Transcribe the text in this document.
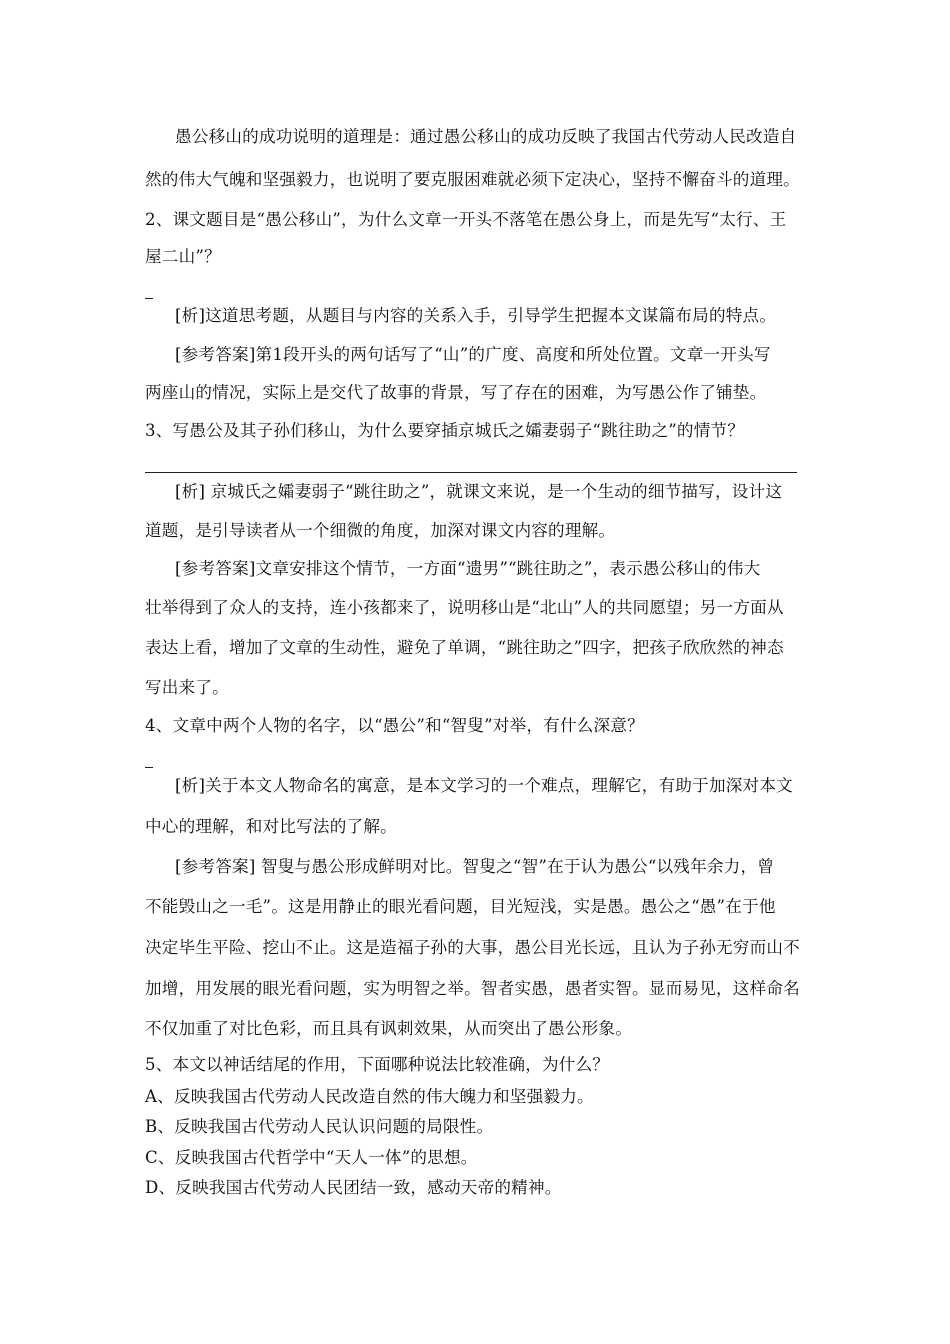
愚公移山的成功说明的道理是：通过愚公移山的成功反映了我国古代劳动人民改造自
然的伟大气魄和坚强毅力，也说明了要克服困难就必须下定决心，坚持不懈奋斗的道理。
2、课文题目是“愚公移山”，为什么文章一开头不落笔在愚公身上，而是先写“太行、王
屋二山”？
[析]这道思考题，从题目与内容的关系入手，引导学生把握本文谋篇布局的特点。
[参考答案]第1段开头的两句话写了“山”的广度、高度和所处位置。文章一开头写
两座山的情况，实际上是交代了故事的背景，写了存在的困难，为写愚公作了铺垫。
3、写愚公及其子孙们移山，为什么要穿插京城氏之孀妻弱子“跳往助之”的情节？
[析] 京城氏之孀妻弱子“跳往助之”，就课文来说，是一个生动的细节描写，设计这
道题，是引导读者从一个细微的角度，加深对课文内容的理解。
[参考答案]文章安排这个情节，一方面“遗男”“跳往助之”，表示愚公移山的伟大
壮举得到了众人的支持，连小孩都来了，说明移山是“北山”人的共同愿望；另一方面从
表达上看，增加了文章的生动性，避免了单调，“跳往助之”四字，把孩子欣欣然的神态
写出来了。
4、文章中两个人物的名字，以“愚公”和“智叟”对举，有什么深意？
[析]关于本文人物命名的寓意，是本文学习的一个难点，理解它，有助于加深对本文
中心的理解，和对比写法的了解。
[参考答案] 智叟与愚公形成鲜明对比。智叟之“智”在于认为愚公“以残年余力，曾
不能毁山之一毛”。这是用静止的眼光看问题，目光短浅，实是愚。愚公之“愚”在于他
决定毕生平险、挖山不止。这是造福子孙的大事，愚公目光长远，且认为子孙无穷而山不
加增，用发展的眼光看问题，实为明智之举。智者实愚，愚者实智。显而易见，这样命名
不仅加重了对比色彩，而且具有讽刺效果，从而突出了愚公形象。
5、本文以神话结尾的作用，下面哪种说法比较准确，为什么？
A、反映我国古代劳动人民改造自然的伟大魄力和坚强毅力。
B、反映我国古代劳动人民认识问题的局限性。
C、反映我国古代哲学中“天人一体”的思想。
D、反映我国古代劳动人民团结一致，感动天帝的精神。
